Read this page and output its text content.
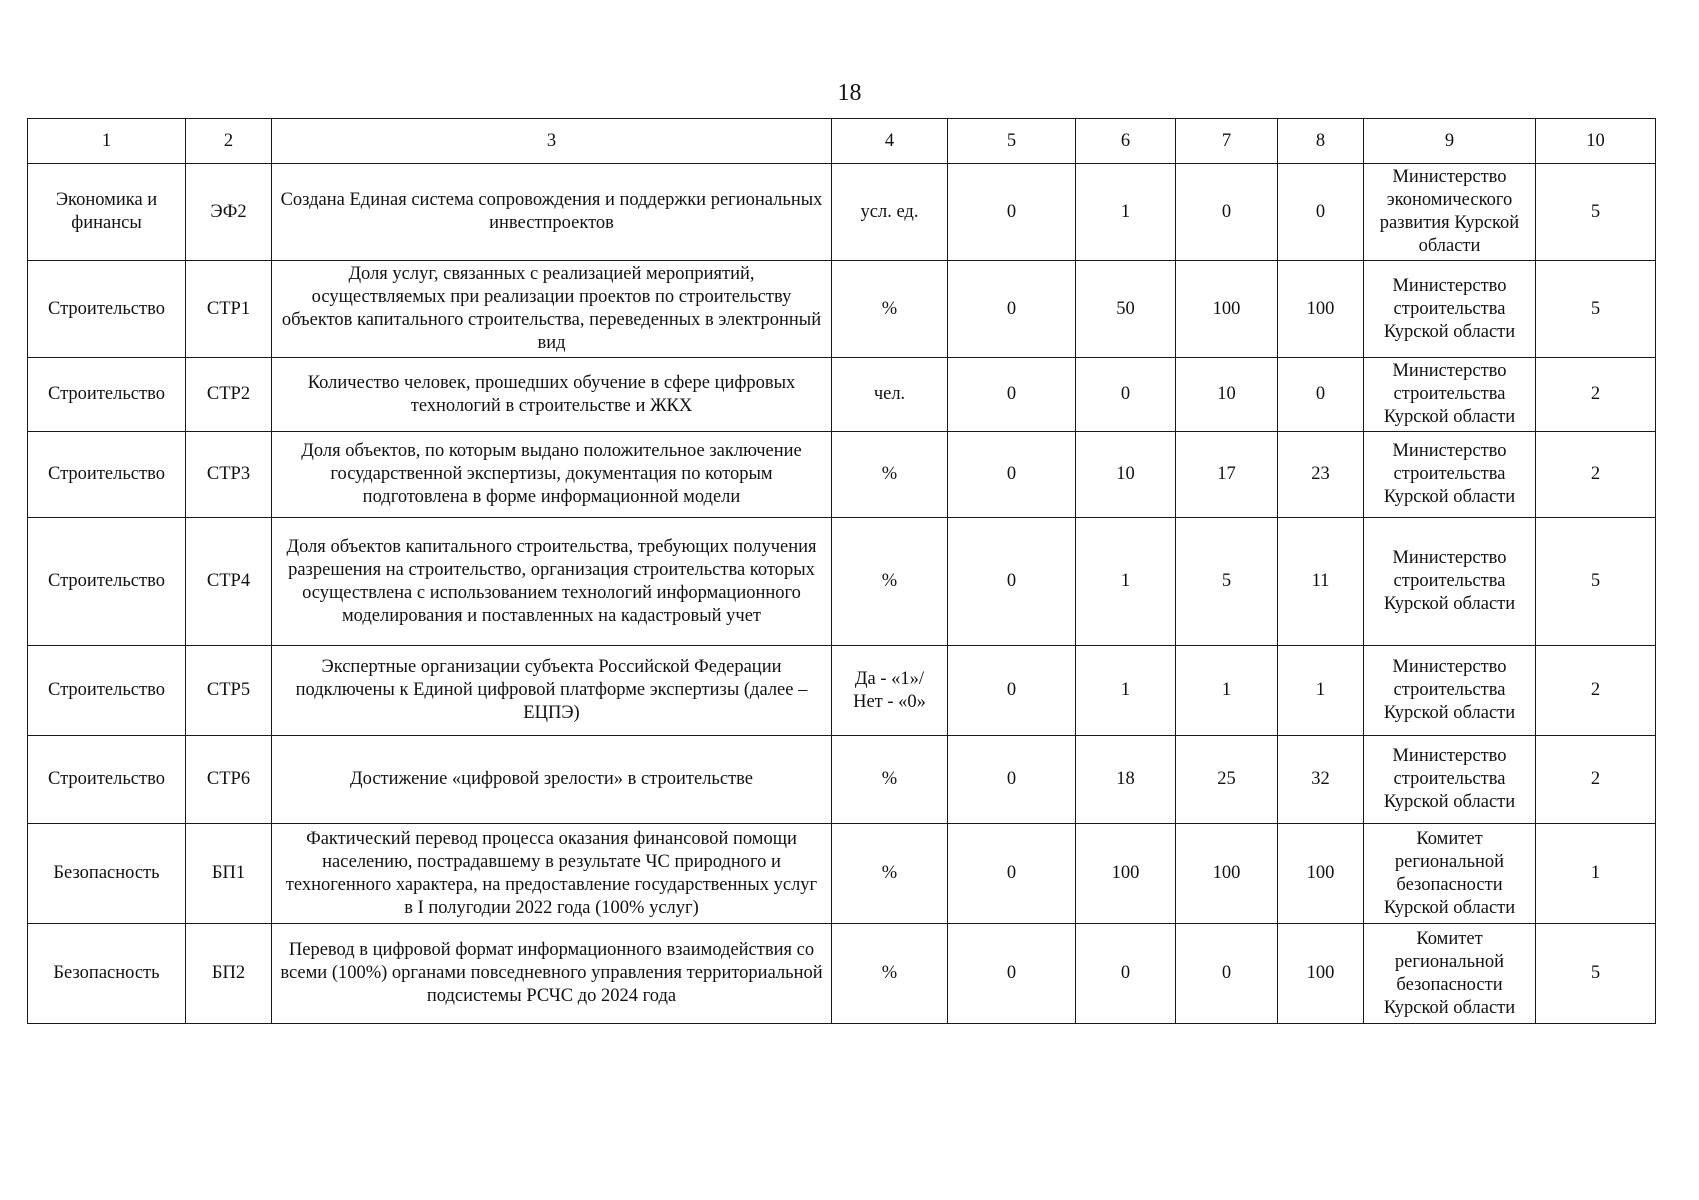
18
1	2	3	4	5	6	7	8	9	10
Экономика и финансы	ЭФ2	Создана Единая система сопровождения и поддержки региональных инвестпроектов	усл. ед.	0	1	0	0	Министерство экономического развития Курской области	5
Строительство	СТР1	Доля услуг, связанных с реализацией мероприятий, осуществляемых при реализации проектов по строительству объектов капитального строительства, переведенных в электронный вид	%	0	50	100	100	Министерство строительства Курской области	5
Строительство	СТР2	Количество человек, прошедших обучение в сфере цифровых технологий в строительстве и ЖКХ	чел.	0	0	10	0	Министерство строительства Курской области	2
Строительство	СТР3	Доля объектов, по которым выдано положительное заключение государственной экспертизы, документация по которым подготовлена в форме информационной модели	%	0	10	17	23	Министерство строительства Курской области	2
Строительство	СТР4	Доля объектов капитального строительства, требующих получения разрешения на строительство, организация строительства которых осуществлена с использованием технологий информационного моделирования и поставленных на кадастровый учет	%	0	1	5	11	Министерство строительства Курской области	5
Строительство	СТР5	Экспертные организации субъекта Российской Федерации подключены к Единой цифровой платформе экспертизы (далее – ЕЦПЭ)	Да - «1»/ Нет - «0»	0	1	1	1	Министерство строительства Курской области	2
Строительство	СТР6	Достижение «цифровой зрелости» в строительстве	%	0	18	25	32	Министерство строительства Курской области	2
Безопасность	БП1	Фактический перевод процесса оказания финансовой помощи населению, пострадавшему в результате ЧС природного и техногенного характера, на предоставление государственных услуг в I полугодии 2022 года (100% услуг)	%	0	100	100	100	Комитет региональной безопасности Курской области	1
Безопасность	БП2	Перевод в цифровой формат информационного взаимодействия со всеми (100%) органами повседневного управления территориальной подсистемы РСЧС до 2024 года	%	0	0	0	100	Комитет региональной безопасности Курской области	5
